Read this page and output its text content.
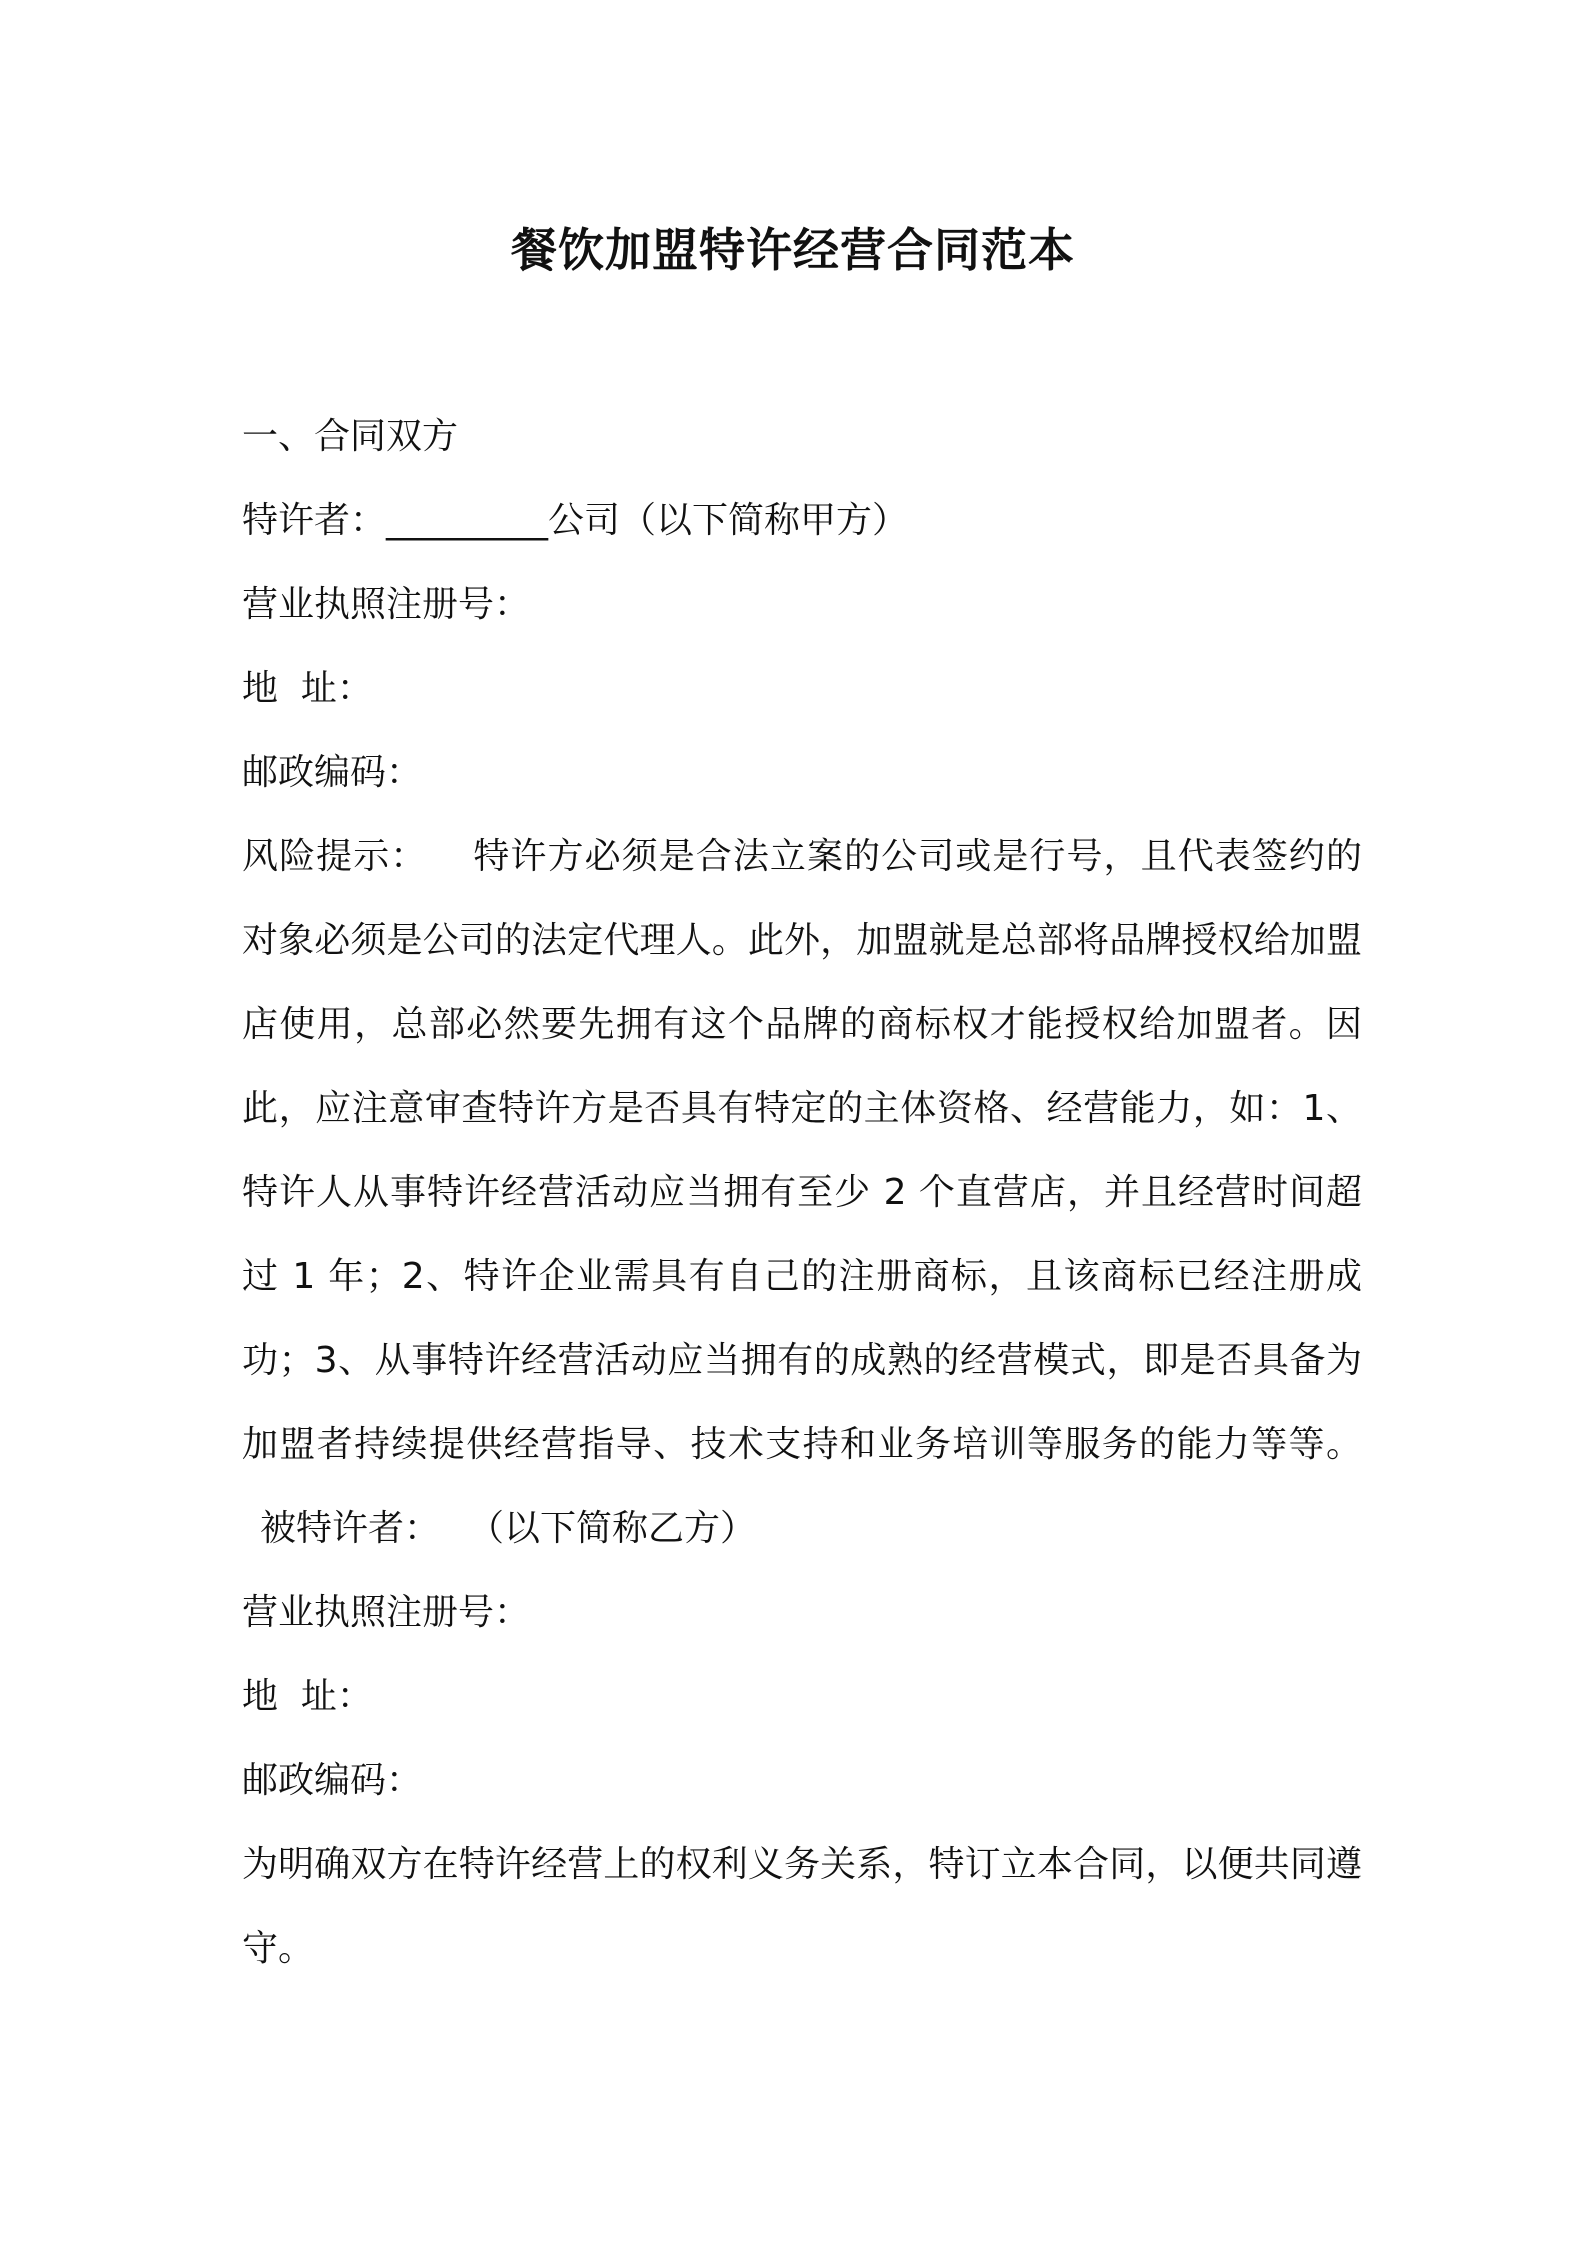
餐饮加盟特许经营合同范本
一、合同双方
特许者：_________公司（以下简称甲方）
营业执照注册号：
地  址：
邮政编码：
风险提示： 特许方必须是合法立案的公司或是行号，且代表签约的对象必须是公司的法定代理人。此外，加盟就是总部将品牌授权给加盟店使用，总部必然要先拥有这个品牌的商标权才能授权给加盟者。因此，应注意审查特许方是否具有特定的主体资格、经营能力，如：1、特许人从事特许经营活动应当拥有至少 2 个直营店，并且经营时间超过 1 年；2、特许企业需具有自己的注册商标，且该商标已经注册成功；3、从事特许经营活动应当拥有的成熟的经营模式，即是否具备为加盟者持续提供经营指导、技术支持和业务培训等服务的能力等等。被特许者： （以下简称乙方）
营业执照注册号：
地  址：
邮政编码：
为明确双方在特许经营上的权利义务关系，特订立本合同，以便共同遵守。
